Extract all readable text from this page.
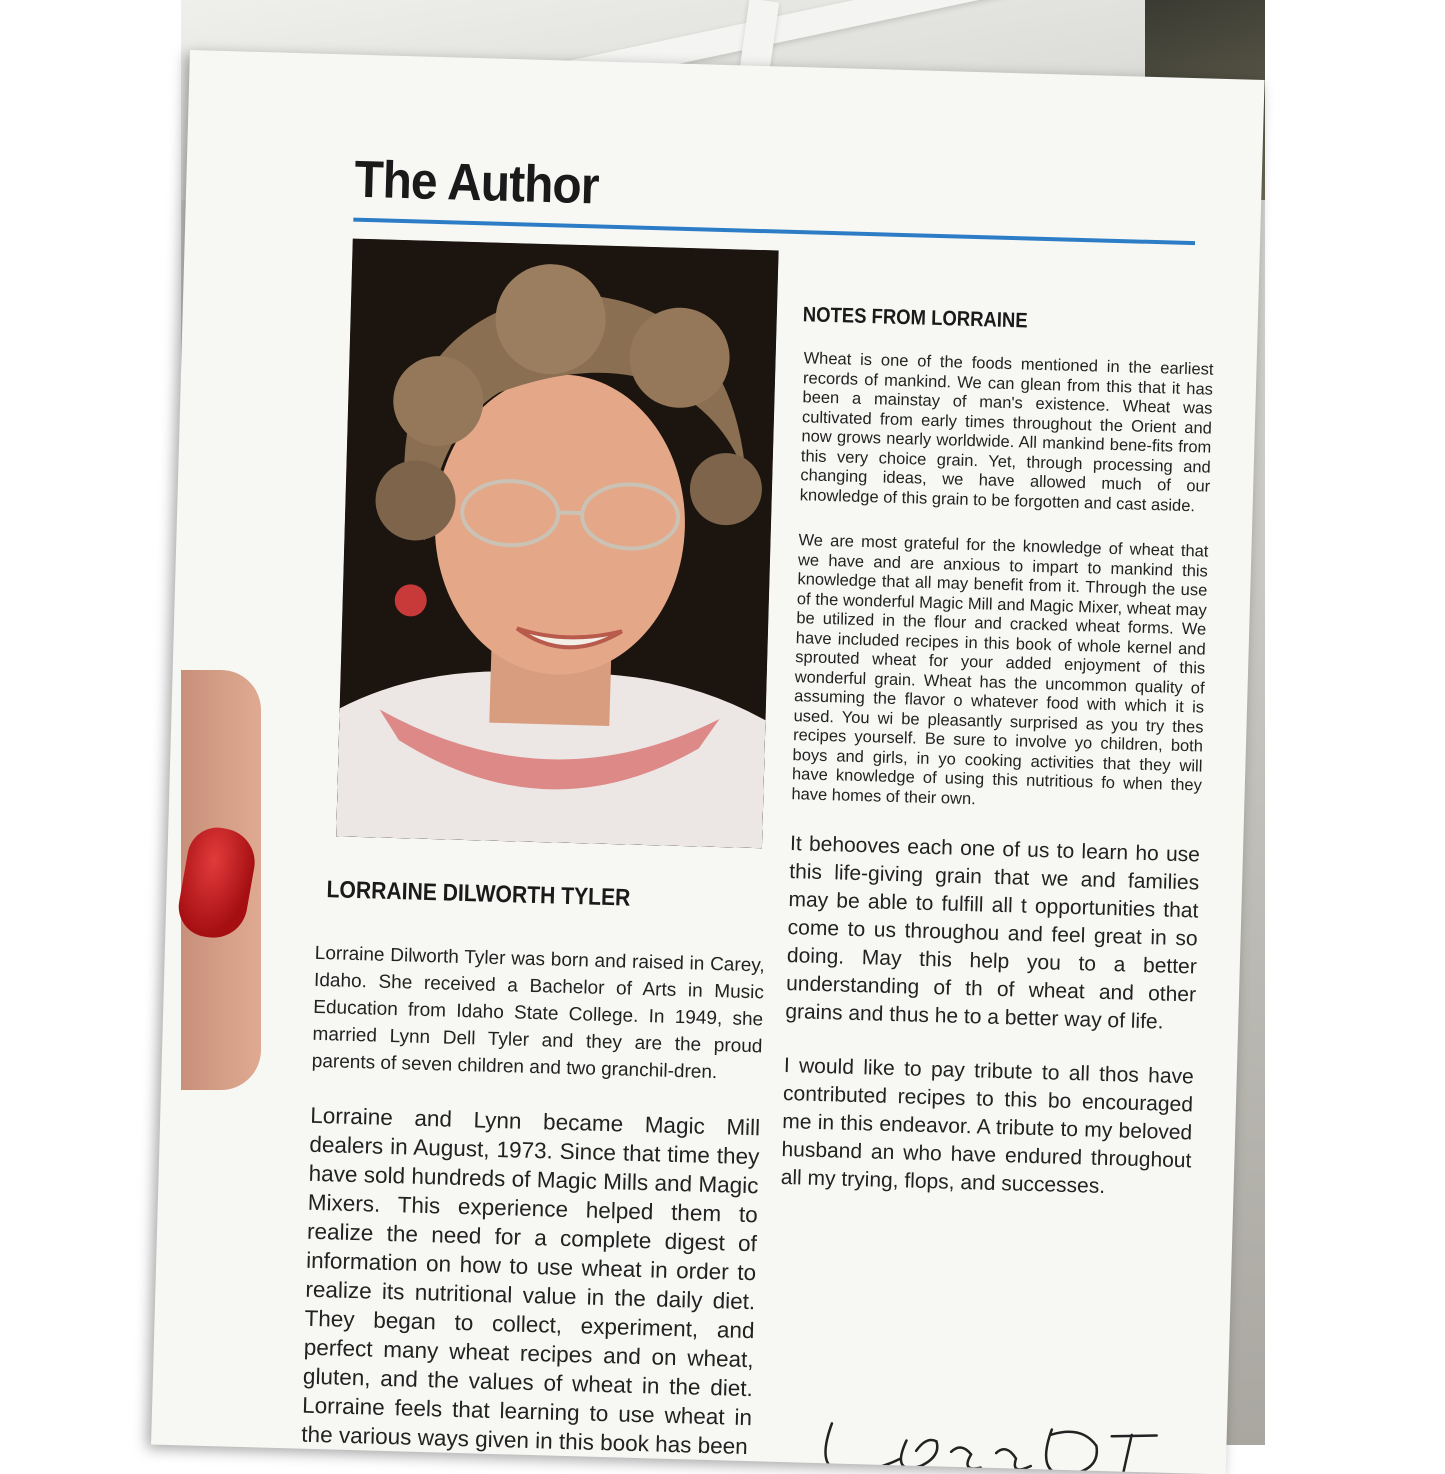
The Author
NOTES FROM LORRAINE

Wheat is one of the foods mentioned in the earliest records of mankind. We can glean from this that it has been a mainstay of man's existence. Wheat was cultivated from early times throughout the Orient and now grows nearly worldwide. All mankind bene-fits from this very choice grain. Yet, through processing and changing ideas, we have allowed much of our knowledge of this grain to be forgotten and cast aside.

We are most grateful for the knowledge of wheat that we have and are anxious to impart to mankind this knowledge that all may benefit from it. Through the use of the wonderful Magic Mill and Magic Mixer, wheat may be utilized in the flour and cracked wheat forms. We have included recipes in this book of whole kernel and sprouted wheat for your added enjoyment of this wonderful grain. Wheat has the uncommon quality of assuming the flavor o whatever food with which it is used. You wi be pleasantly surprised as you try thes recipes yourself. Be sure to involve yo children, both boys and girls, in yo cooking activities that they will have knowledge of using this nutritious fo when they have homes of their own.

It behooves each one of us to learn ho use this life-giving grain that we and families may be able to fulfill all t opportunities that come to us throughou and feel great in so doing. May this help you to a better understanding of th of wheat and other grains and thus he to a better way of life.

I would like to pay tribute to all thos have contributed recipes to this bo encouraged me in this endeavor. A tribute to my beloved husband an who have endured throughout all my trying, flops, and successes.

LORRAINE DILWORTH TYLER

Lorraine Dilworth Tyler was born and raised in Carey, Idaho. She received a Bachelor of Arts in Music Education from Idaho State College. In 1949, she married Lynn Dell Tyler and they are the proud parents of seven children and two granchil-dren.

Lorraine and Lynn became Magic Mill dealers in August, 1973. Since that time they have sold hundreds of Magic Mills and Magic Mixers. This experience helped them to realize the need for a complete digest of information on how to use wheat in order to realize its nutritional value in the daily diet. They began to collect, experiment, and perfect many wheat recipes and on wheat, gluten, and the values of wheat in the diet. Lorraine feels that learning to use wheat in the various ways given in this book has been
